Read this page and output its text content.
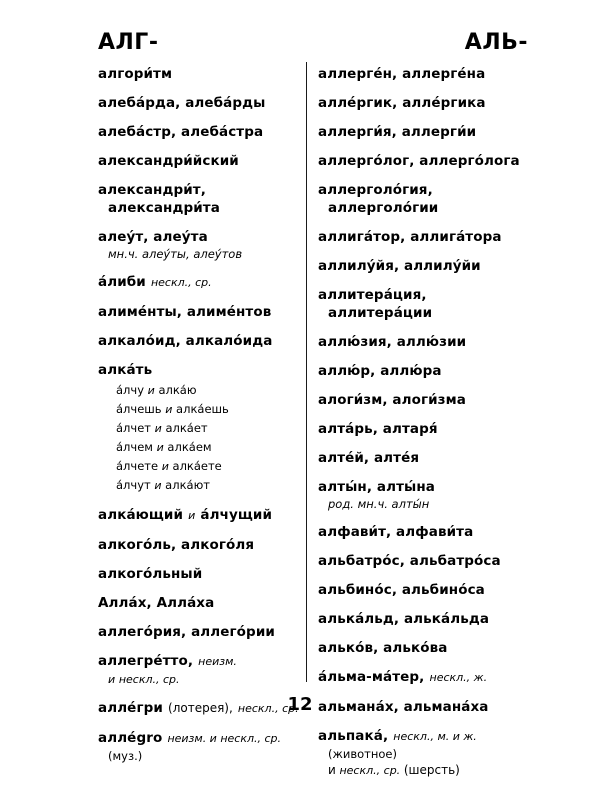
АЛГ-	АЛЬ-
алгори́тм
алеба́рда, алеба́рды
алеба́стр, алеба́стра
александри́йский
александри́т,
александри́та
алеу́т, алеу́та
мн.ч. алеу́ты, алеу́тов
а́либи нескл., ср.
алиме́нты, алиме́нтов
алкало́ид, алкало́ида
алка́ть
а́лчу и алка́ю
а́лчешь и алка́ешь
а́лчет и алка́ет
а́лчем и алка́ем
а́лчете и алка́ете
а́лчут и алка́ют
алка́ющий и а́лчущий
алкого́ль, алкого́ля
алкого́льный
Алла́х, Алла́ха
аллего́рия, аллего́рии
аллегре́тто, неизм.
и нескл., ср.
алле́гри (лотерея), нескл., ср.
алле́gro неизм. и нескл., ср.
(муз.)
аллерге́н, аллерге́на
алле́ргик, алле́ргика
аллерги́я, аллерги́и
аллерго́лог, аллерго́лога
аллерголо́гия,
аллерголо́гии
аллига́тор, аллига́тора
аллилу́йя, аллилу́йи
аллитера́ция,
аллитера́ции
аллю́зия, аллю́зии
аллю́р, аллю́ра
алоги́зм, алоги́зма
алта́рь, алтаря́
алте́й, алте́я
алты́н, алты́на
род. мн.ч. алты́н
алфави́т, алфави́та
альбатро́с, альбатро́са
альбино́с, альбино́са
алька́льд, алька́льда
алько́в, алько́ва
а́льма-ма́тер, нескл., ж.
альмана́х, альмана́ха
альпака́, нескл., м. и ж.
(животное)
и нескл., ср. (шерсть)
12
